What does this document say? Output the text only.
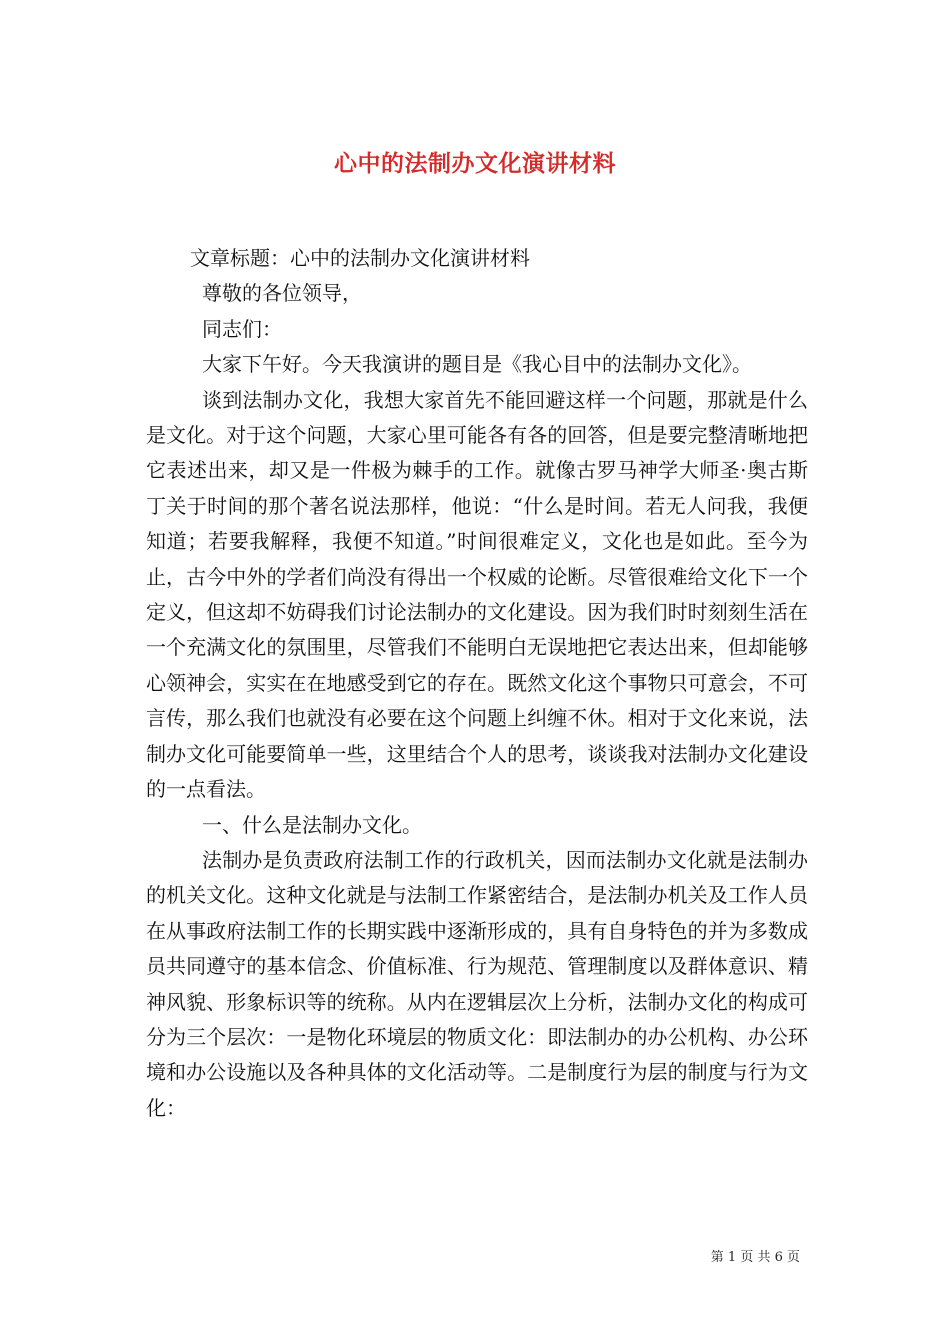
心中的法制办文化演讲材料

文章标题：心中的法制办文化演讲材料

尊敬的各位领导，

同志们：

大家下午好。今天我演讲的题目是《我心目中的法制办文化》。

谈到法制办文化，我想大家首先不能回避这样一个问题，那就是什么是文化。对于这个问题，大家心里可能各有各的回答，但是要完整清晰地把它表述出来，却又是一件极为棘手的工作。就像古罗马神学大师圣·奥古斯丁关于时间的那个著名说法那样，他说：“什么是时间。若无人问我，我便知道；若要我解释，我便不知道。”时间很难定义，文化也是如此。至今为止，古今中外的学者们尚没有得出一个权威的论断。尽管很难给文化下一个定义，但这却不妨碍我们讨论法制办的文化建设。因为我们时时刻刻生活在一个充满文化的氛围里，尽管我们不能明白无误地把它表达出来，但却能够心领神会，实实在在地感受到它的存在。既然文化这个事物只可意会，不可言传，那么我们也就没有必要在这个问题上纠缠不休。相对于文化来说，法制办文化可能要简单一些，这里结合个人的思考，谈谈我对法制办文化建设的一点看法。

一、什么是法制办文化。

法制办是负责政府法制工作的行政机关，因而法制办文化就是法制办的机关文化。这种文化就是与法制工作紧密结合，是法制办机关及工作人员在从事政府法制工作的长期实践中逐渐形成的，具有自身特色的并为多数成员共同遵守的基本信念、价值标准、行为规范、管理制度以及群体意识、精神风貌、形象标识等的统称。从内在逻辑层次上分析，法制办文化的构成可分为三个层次：一是物化环境层的物质文化：即法制办的办公机构、办公环境和办公设施以及各种具体的文化活动等。二是制度行为层的制度与行为文化：

第 1 页 共 6 页
